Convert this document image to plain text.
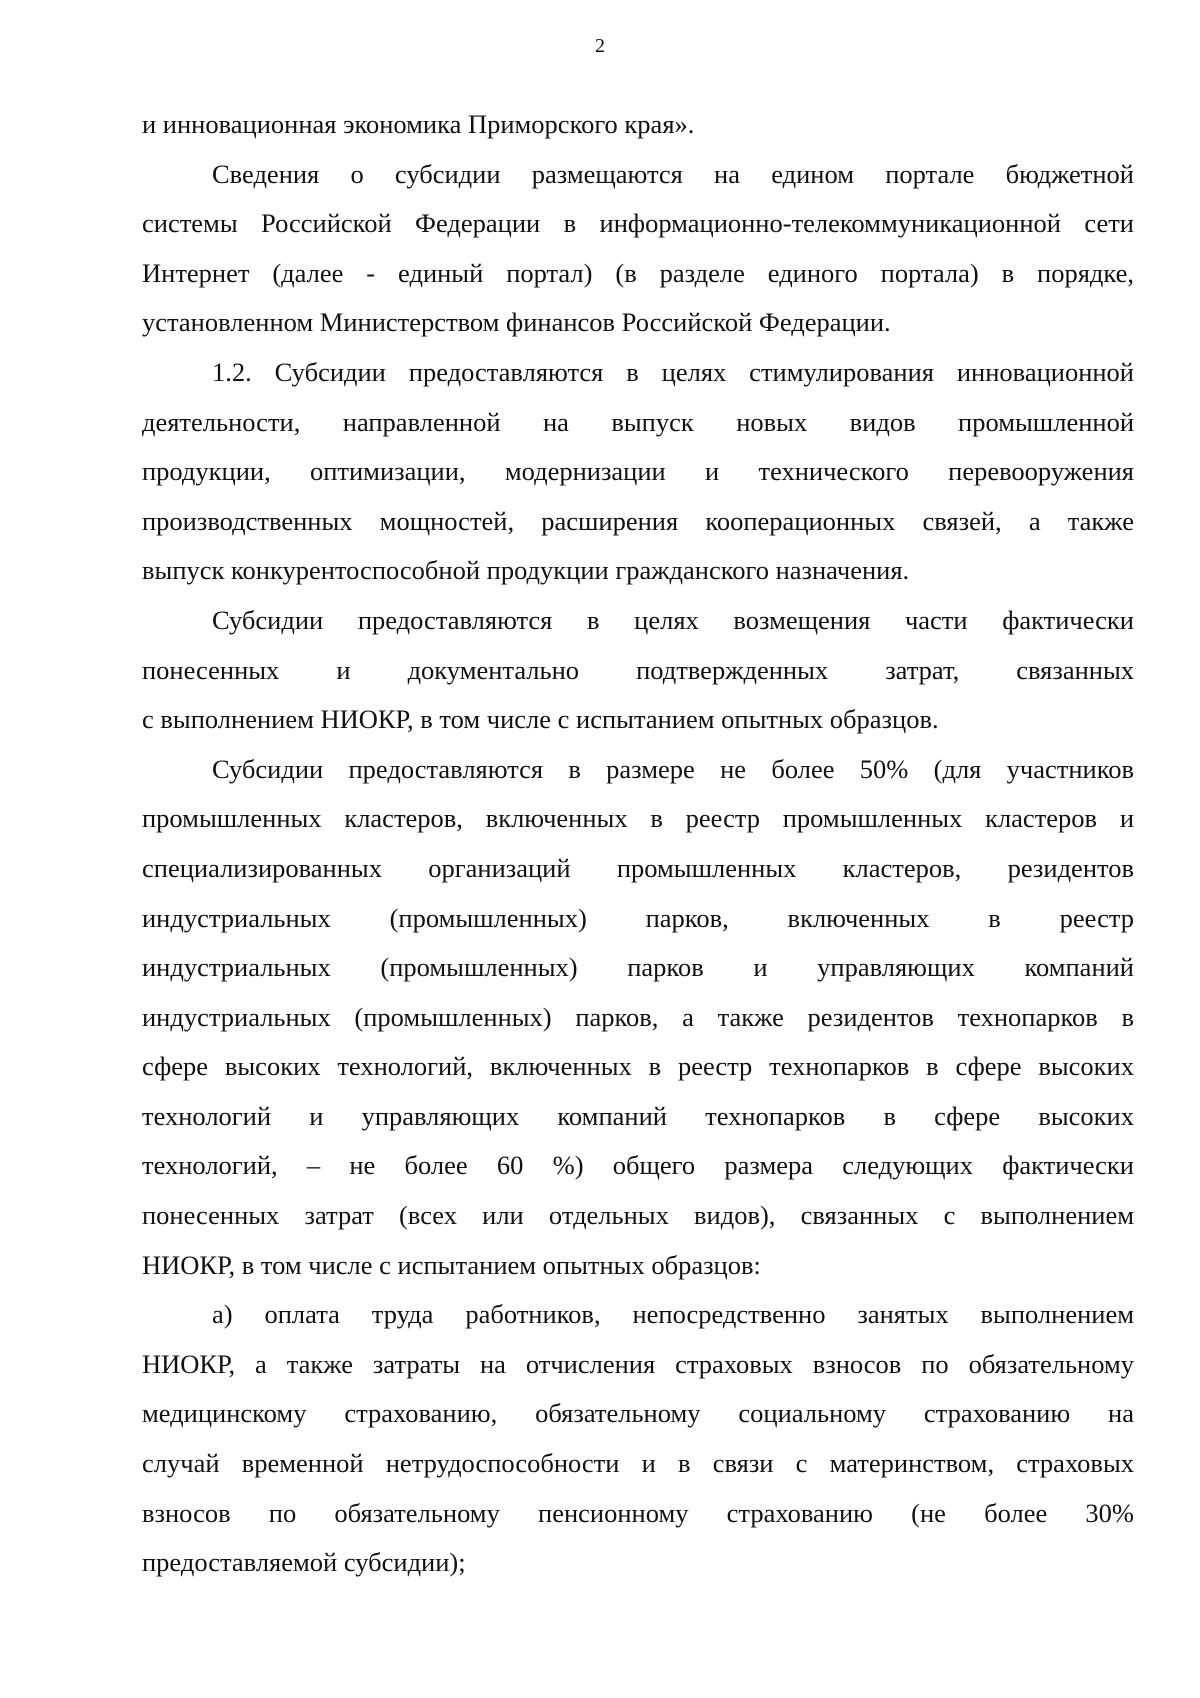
2
и инновационная экономика Приморского края».
Сведения о субсидии размещаются на едином портале бюджетной
системы Российской Федерации в информационно-телекоммуникационной сети
Интернет (далее - единый портал) (в разделе единого портала) в порядке,
установленном Министерством финансов Российской Федерации.
1.2. Субсидии предоставляются в целях стимулирования инновационной
деятельности, направленной на выпуск новых видов промышленной
продукции, оптимизации, модернизации и технического перевооружения
производственных мощностей, расширения кооперационных связей, а также
выпуск конкурентоспособной продукции гражданского назначения.
Субсидии предоставляются в целях возмещения части фактически
понесенных и документально подтвержденных затрат, связанных
с выполнением НИОКР, в том числе с испытанием опытных образцов.
Субсидии предоставляются в размере не более 50% (для участников
промышленных кластеров, включенных в реестр промышленных кластеров и
специализированных организаций промышленных кластеров, резидентов
индустриальных (промышленных) парков, включенных в реестр
индустриальных (промышленных) парков и управляющих компаний
индустриальных (промышленных) парков, а также резидентов технопарков в
сфере высоких технологий, включенных в реестр технопарков в сфере высоких
технологий и управляющих компаний технопарков в сфере высоких
технологий, – не более 60 %) общего размера следующих фактически
понесенных затрат (всех или отдельных видов), связанных с выполнением
НИОКР, в том числе с испытанием опытных образцов:
а) оплата труда работников, непосредственно занятых выполнением
НИОКР, а также затраты на отчисления страховых взносов по обязательному
медицинскому страхованию, обязательному социальному страхованию на
случай временной нетрудоспособности и в связи с материнством, страховых
взносов по обязательному пенсионному страхованию (не более 30%
предоставляемой субсидии);
